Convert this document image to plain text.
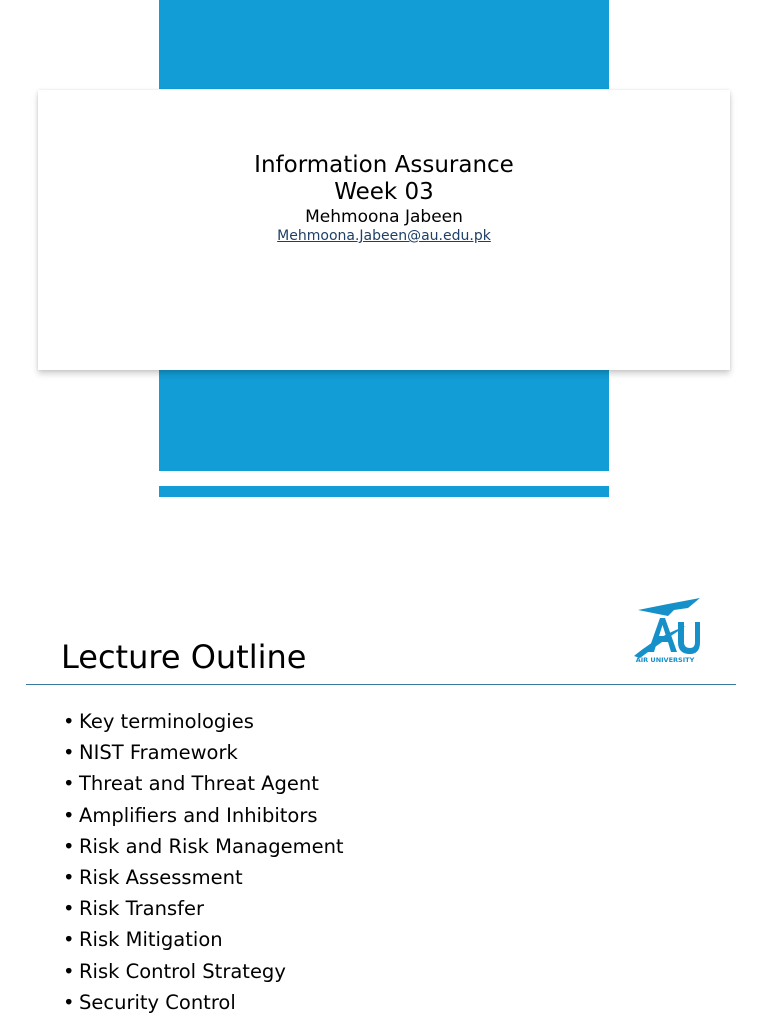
Information Assurance
Week 03
Mehmoona Jabeen
Mehmoona.Jabeen@au.edu.pk
AIR UNIVERSITY
Lecture Outline
• Key terminologies
• NIST Framework
• Threat and Threat Agent
• Amplifiers and Inhibitors
• Risk and Risk Management
• Risk Assessment
• Risk Transfer
• Risk Mitigation
• Risk Control Strategy
• Security Control
